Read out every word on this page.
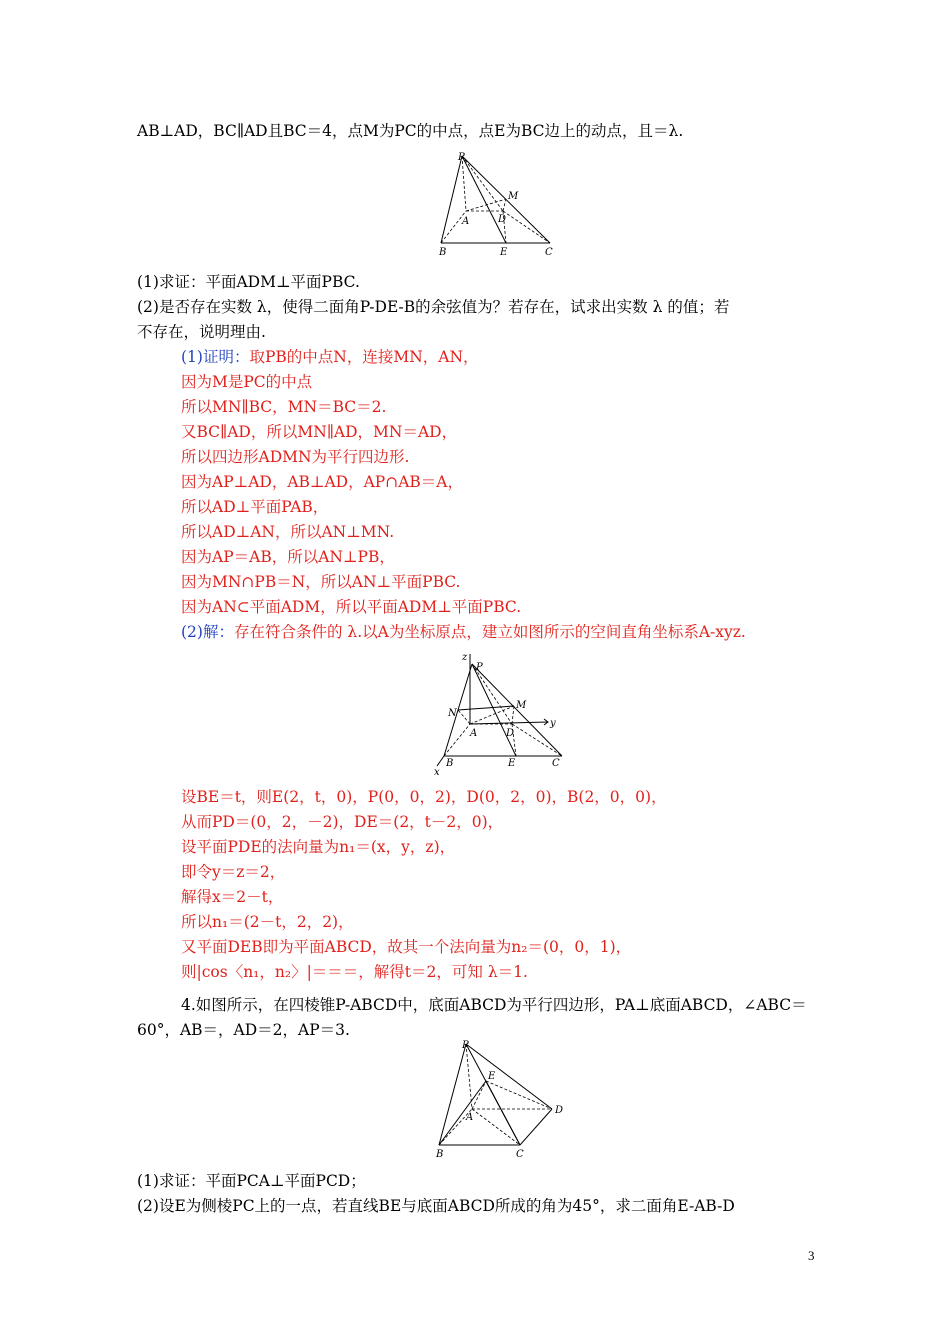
AB⊥AD，BC∥AD且BC＝4，点M为PC的中点，点E为BC边上的动点，且＝λ.
P
M
A	D
B	E	C
(1)求证：平面ADM⊥平面PBC.
(2)是否存在实数 λ，使得二面角P-DE-B的余弦值为？若存在，试求出实数 λ 的值；若
不存在，说明理由.
(1)证明：取PB的中点N，连接MN，AN，
因为M是PC的中点
所以MN∥BC，MN＝BC＝2.
又BC∥AD，所以MN∥AD，MN＝AD，
所以四边形ADMN为平行四边形.
因为AP⊥AD，AB⊥AD，AP∩AB＝A，
所以AD⊥平面PAB，
所以AD⊥AN，所以AN⊥MN.
因为AP＝AB，所以AN⊥PB，
因为MN∩PB＝N，所以AN⊥平面PBC.
因为AN⊂平面ADM，所以平面ADM⊥平面PBC.
(2)解：存在符合条件的 λ.以A为坐标原点，建立如图所示的空间直角坐标系A-xyz.
z
P
N
M
y
A	D
B	E	C
x
设BE＝t，则E(2，t，0)，P(0，0，2)，D(0，2，0)，B(2，0，0)，
从而PD＝(0，2，－2)，DE＝(2，t－2，0)，
设平面PDE的法向量为n₁＝(x，y，z)，
即令y＝z＝2，
解得x＝2－t，
所以n₁＝(2－t，2，2)，
又平面DEB即为平面ABCD，故其一个法向量为n₂＝(0，0，1)，
则|cos〈n₁，n₂〉|＝＝＝，解得t＝2，可知 λ＝1.
4.如图所示，在四棱锥P-ABCD中，底面ABCD为平行四边形，PA⊥底面ABCD，∠ABC＝
60°，AB＝，AD＝2，AP＝3.
P
E
A
D
B	C
(1)求证：平面PCA⊥平面PCD；
(2)设E为侧棱PC上的一点，若直线BE与底面ABCD所成的角为45°，求二面角E-AB-D
3
